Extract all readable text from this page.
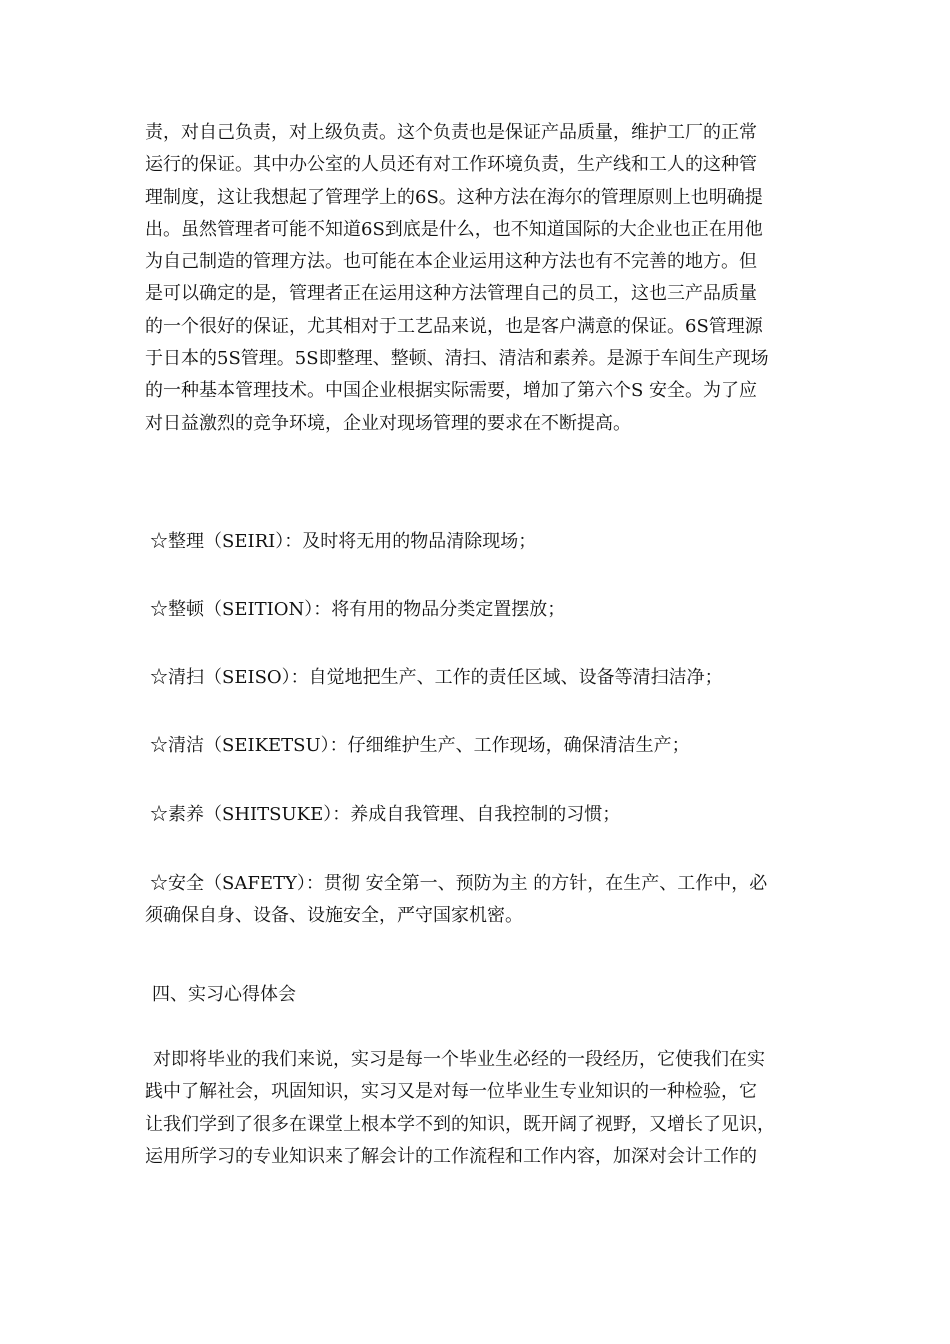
责，对自己负责，对上级负责。这个负责也是保证产品质量，维护工厂的正常
运行的保证。其中办公室的人员还有对工作环境负责，生产线和工人的这种管
理制度，这让我想起了管理学上的6S。这种方法在海尔的管理原则上也明确提
出。虽然管理者可能不知道6S到底是什么，也不知道国际的大企业也正在用他
为自己制造的管理方法。也可能在本企业运用这种方法也有不完善的地方。但
是可以确定的是，管理者正在运用这种方法管理自己的员工，这也三产品质量
的一个很好的保证，尤其相对于工艺品来说，也是客户满意的保证。6S管理源
于日本的5S管理。5S即整理、整顿、清扫、清洁和素养。是源于车间生产现场
的一种基本管理技术。中国企业根据实际需要，增加了第六个S 安全。为了应
对日益激烈的竞争环境，企业对现场管理的要求在不断提高。
☆整理（SEIRI）：及时将无用的物品清除现场；
☆整顿（SEITION）：将有用的物品分类定置摆放；
☆清扫（SEISO）：自觉地把生产、工作的责任区域、设备等清扫洁净；
☆清洁（SEIKETSU）：仔细维护生产、工作现场，确保清洁生产；
☆素养（SHITSUKE）：养成自我管理、自我控制的习惯；
☆安全（SAFETY）：贯彻 安全第一、预防为主 的方针，在生产、工作中，必
须确保自身、设备、设施安全，严守国家机密。
四、实习心得体会
对即将毕业的我们来说，实习是每一个毕业生必经的一段经历，它使我们在实
践中了解社会，巩固知识，实习又是对每一位毕业生专业知识的一种检验，它
让我们学到了很多在课堂上根本学不到的知识，既开阔了视野，又增长了见识，
运用所学习的专业知识来了解会计的工作流程和工作内容，加深对会计工作的
